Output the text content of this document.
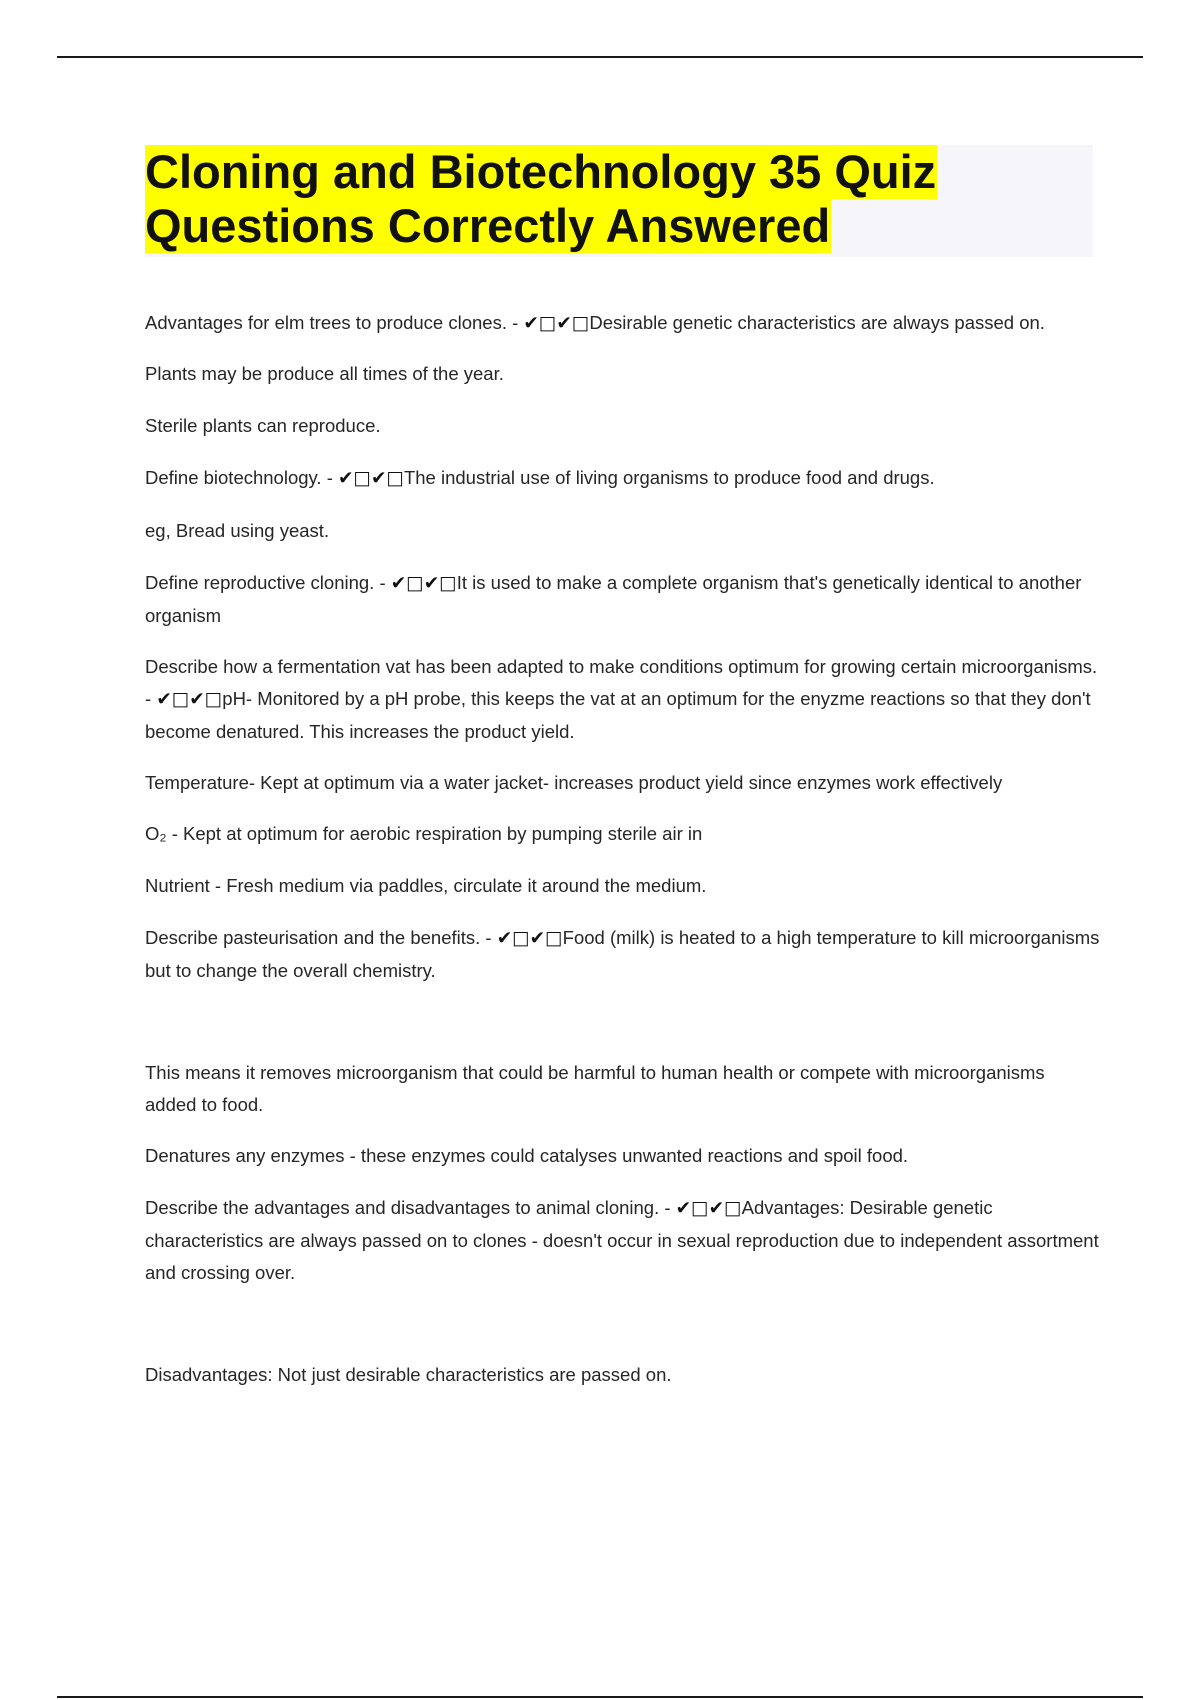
Cloning and Biotechnology 35 Quiz Questions Correctly Answered

Advantages for elm trees to produce clones. - ✔□✔□Desirable genetic characteristics are always passed on.

Plants may be produce all times of the year.

Sterile plants can reproduce.

Define biotechnology. - ✔□✔□The industrial use of living organisms to produce food and drugs.

eg, Bread using yeast.

Define reproductive cloning. - ✔□✔□It is used to make a complete organism that's genetically identical to another organism

Describe how a fermentation vat has been adapted to make conditions optimum for growing certain microorganisms. - ✔□✔□pH- Monitored by a pH probe, this keeps the vat at an optimum for the enyzme reactions so that they don't become denatured. This increases the product yield.

Temperature- Kept at optimum via a water jacket- increases product yield since enzymes work effectively

O₂ - Kept at optimum for aerobic respiration by pumping sterile air in

Nutrient - Fresh medium via paddles, circulate it around the medium.

Describe pasteurisation and the benefits. - ✔□✔□Food (milk) is heated to a high temperature to kill microorganisms but to change the overall chemistry.

This means it removes microorganism that could be harmful to human health or compete with microorganisms added to food.

Denatures any enzymes - these enzymes could catalyses unwanted reactions and spoil food.

Describe the advantages and disadvantages to animal cloning. - ✔□✔□Advantages: Desirable genetic characteristics are always passed on to clones - doesn't occur in sexual reproduction due to independent assortment and crossing over.

Disadvantages: Not just desirable characteristics are passed on.
